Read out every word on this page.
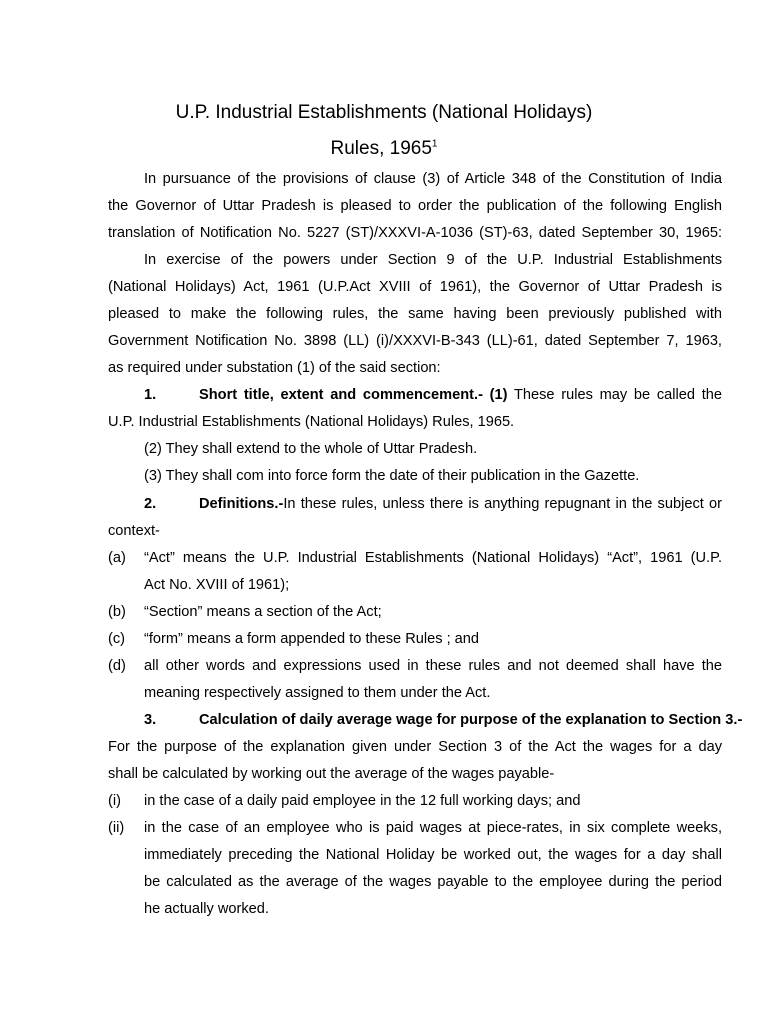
U.P. Industrial Establishments (National Holidays)
Rules, 1965$^1$
In pursuance of the provisions of clause (3) of Article 348 of the Constitution of India
the Governor of Uttar Pradesh is pleased to order the publication of the following English
translation of Notification No. 5227 (ST)/XXXVI-A-1036 (ST)-63, dated September 30, 1965:
In exercise of the powers under Section 9 of the U.P. Industrial Establishments
(National Holidays) Act, 1961 (U.P.Act XVIII of 1961), the Governor of Uttar Pradesh is
pleased to make the following rules, the same having been previously published with
Government Notification No. 3898 (LL) (i)/XXXVI-B-343 (LL)-61, dated September 7, 1963,
as required under substation (1) of the said section:
1.	Short title, extent and commencement.- (1) These rules may be called the
U.P. Industrial Establishments (National Holidays) Rules, 1965.
(2) They shall extend to the whole of Uttar Pradesh.
(3) They shall com into force form the date of their publication in the Gazette.
2.	Definitions.-In these rules, unless there is anything repugnant in the subject or
context-
(a) “Act” means the U.P. Industrial Establishments (National Holidays) “Act”, 1961 (U.P.
Act No. XVIII of 1961);
(b) “Section” means a section of the Act;
(c) “form” means a form appended to these Rules ; and
(d) all other words and expressions used in these rules and not deemed shall have the
meaning respectively assigned to them under the Act.
3.	Calculation of daily average wage for purpose of the explanation to Section 3.-
For the purpose of the explanation given under Section 3 of the Act the wages for a day
shall be calculated by working out the average of the wages payable-
(i) in the case of a daily paid employee in the 12 full working days; and
(ii) in the case of an employee who is paid wages at piece-rates, in six complete weeks,
immediately preceding the National Holiday be worked out, the wages for a day shall
be calculated as the average of the wages payable to the employee during the period
he actually worked.
